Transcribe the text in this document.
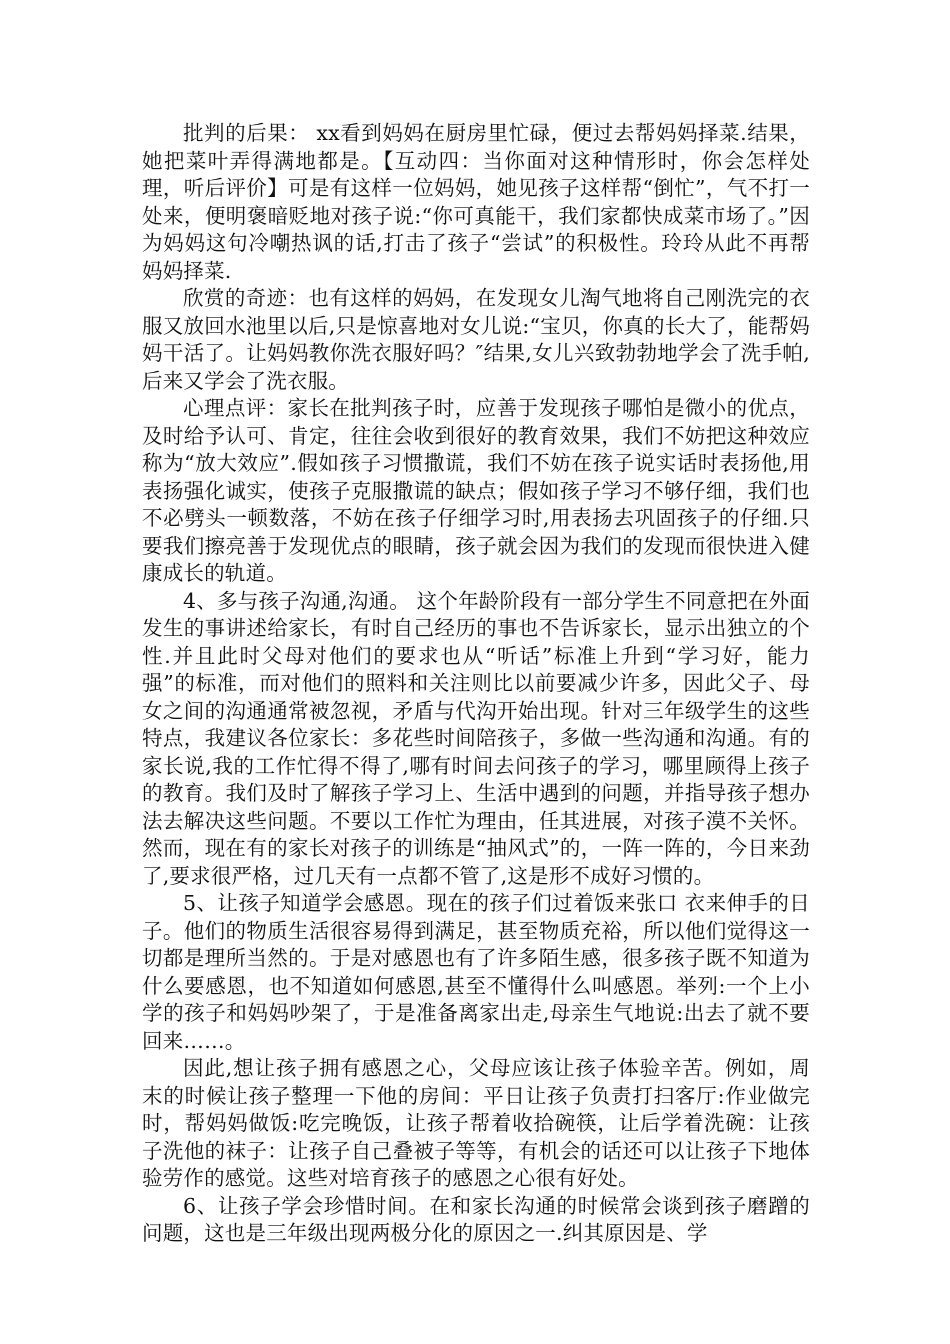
批判的后果： xx看到妈妈在厨房里忙碌，便过去帮妈妈择菜.结果，她把菜叶弄得满地都是。【互动四：当你面对这种情形时，你会怎样处理，听后评价】可是有这样一位妈妈，她见孩子这样帮“倒忙”，气不打一处来，便明褒暗贬地对孩子说:“你可真能干，我们家都快成菜市场了。”因为妈妈这句冷嘲热讽的话,打击了孩子“尝试”的积极性。玲玲从此不再帮妈妈择菜.

欣赏的奇迹：也有这样的妈妈，在发现女儿淘气地将自己刚洗完的衣服又放回水池里以后,只是惊喜地对女儿说:“宝贝，你真的长大了，能帮妈妈干活了。让妈妈教你洗衣服好吗？″结果,女儿兴致勃勃地学会了洗手帕,后来又学会了洗衣服。

心理点评：家长在批判孩子时，应善于发现孩子哪怕是微小的优点，及时给予认可、肯定，往往会收到很好的教育效果，我们不妨把这种效应称为“放大效应”.假如孩子习惯撒谎，我们不妨在孩子说实话时表扬他,用表扬强化诚实，使孩子克服撒谎的缺点；假如孩子学习不够仔细，我们也不必劈头一顿数落，不妨在孩子仔细学习时,用表扬去巩固孩子的仔细.只要我们擦亮善于发现优点的眼睛，孩子就会因为我们的发现而很快进入健康成长的轨道。

4、多与孩子沟通,沟通。 这个年龄阶段有一部分学生不同意把在外面发生的事讲述给家长，有时自己经历的事也不告诉家长，显示出独立的个性.并且此时父母对他们的要求也从“听话”标准上升到“学习好，能力强”的标准，而对他们的照料和关注则比以前要减少许多，因此父子、母女之间的沟通通常被忽视，矛盾与代沟开始出现。针对三年级学生的这些特点，我建议各位家长：多花些时间陪孩子，多做一些沟通和沟通。有的家长说,我的工作忙得不得了,哪有时间去问孩子的学习，哪里顾得上孩子的教育。我们及时了解孩子学习上、生活中遇到的问题，并指导孩子想办法去解决这些问题。不要以工作忙为理由，任其进展，对孩子漠不关怀。然而，现在有的家长对孩子的训练是“抽风式”的，一阵一阵的，今日来劲了,要求很严格，过几天有一点都不管了,这是形不成好习惯的。

5、让孩子知道学会感恩。现在的孩子们过着饭来张口 衣来伸手的日子。他们的物质生活很容易得到满足，甚至物质充裕，所以他们觉得这一切都是理所当然的。于是对感恩也有了许多陌生感，很多孩子既不知道为什么要感恩，也不知道如何感恩,甚至不懂得什么叫感恩。举列:一个上小学的孩子和妈妈吵架了，于是准备离家出走,母亲生气地说:出去了就不要回来……。

因此,想让孩子拥有感恩之心，父母应该让孩子体验辛苦。例如，周末的时候让孩子整理一下他的房间：平日让孩子负责打扫客厅:作业做完时，帮妈妈做饭:吃完晚饭，让孩子帮着收拾碗筷，让后学着洗碗：让孩子洗他的袜子：让孩子自己叠被子等等，有机会的话还可以让孩子下地体验劳作的感觉。这些对培育孩子的感恩之心很有好处。

6、让孩子学会珍惜时间。在和家长沟通的时候常会谈到孩子磨蹭的问题，这也是三年级出现两极分化的原因之一.纠其原因是、学
